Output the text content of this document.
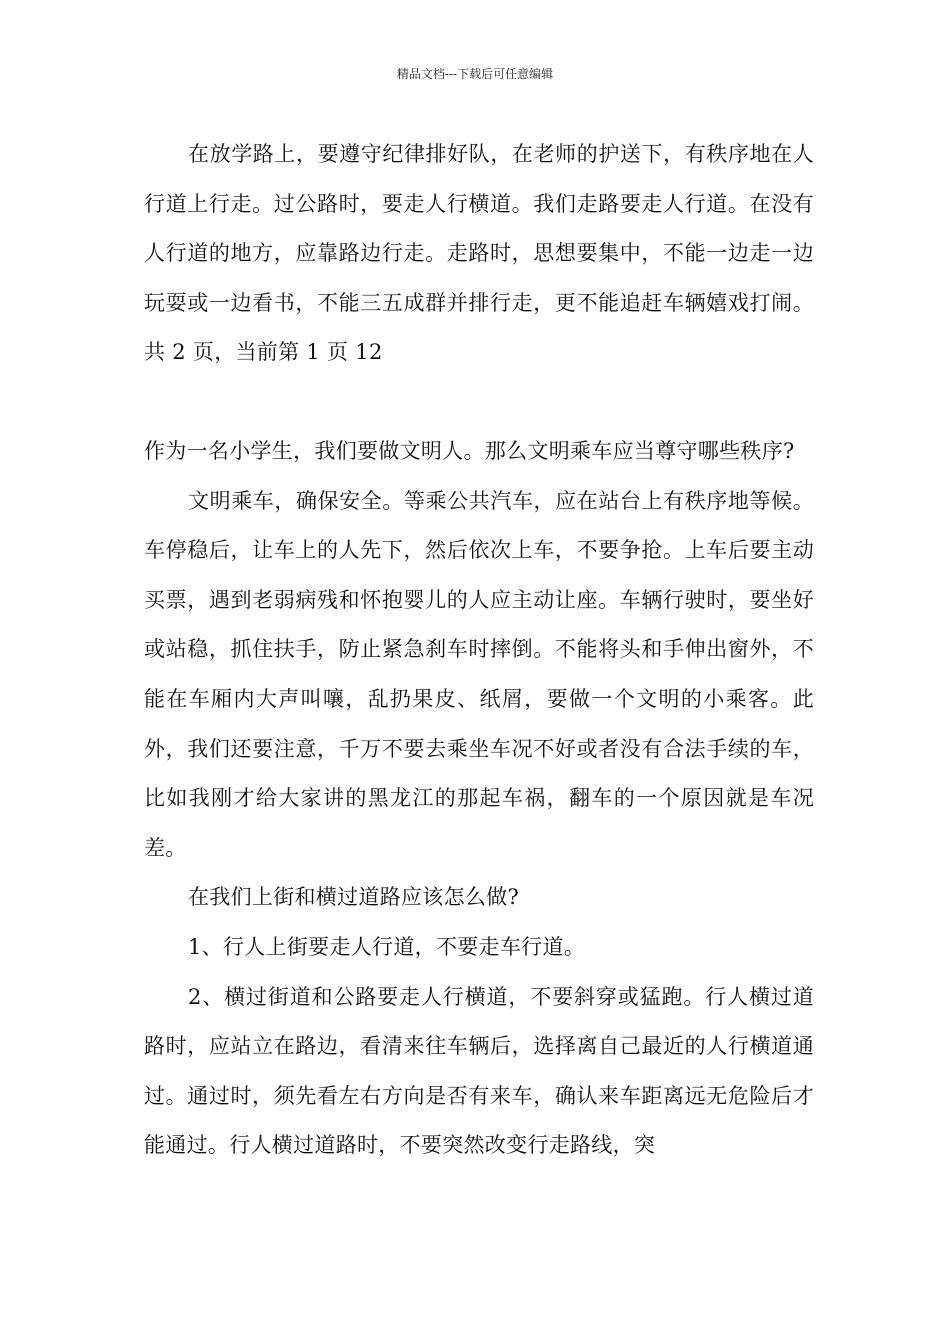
精品文档---下载后可任意编辑

在放学路上，要遵守纪律排好队，在老师的护送下，有秩序地在人行道上行走。过公路时，要走人行横道。我们走路要走人行道。在没有人行道的地方，应靠路边行走。走路时，思想要集中，不能一边走一边玩耍或一边看书，不能三五成群并排行走，更不能追赶车辆嬉戏打闹。共 2 页，当前第 1 页 12

作为一名小学生，我们要做文明人。那么文明乘车应当尊守哪些秩序?

文明乘车，确保安全。等乘公共汽车，应在站台上有秩序地等候。车停稳后，让车上的人先下，然后依次上车，不要争抢。上车后要主动买票，遇到老弱病残和怀抱婴儿的人应主动让座。车辆行驶时，要坐好或站稳，抓住扶手，防止紧急刹车时摔倒。不能将头和手伸出窗外，不能在车厢内大声叫嚷，乱扔果皮、纸屑，要做一个文明的小乘客。此外，我们还要注意，千万不要去乘坐车况不好或者没有合法手续的车，比如我刚才给大家讲的黑龙江的那起车祸，翻车的一个原因就是车况差。

在我们上街和横过道路应该怎么做?

1、行人上街要走人行道，不要走车行道。

2、横过街道和公路要走人行横道，不要斜穿或猛跑。行人横过道路时，应站立在路边，看清来往车辆后，选择离自己最近的人行横道通过。通过时，须先看左右方向是否有来车，确认来车距离远无危险后才能通过。行人横过道路时，不要突然改变行走路线，突
